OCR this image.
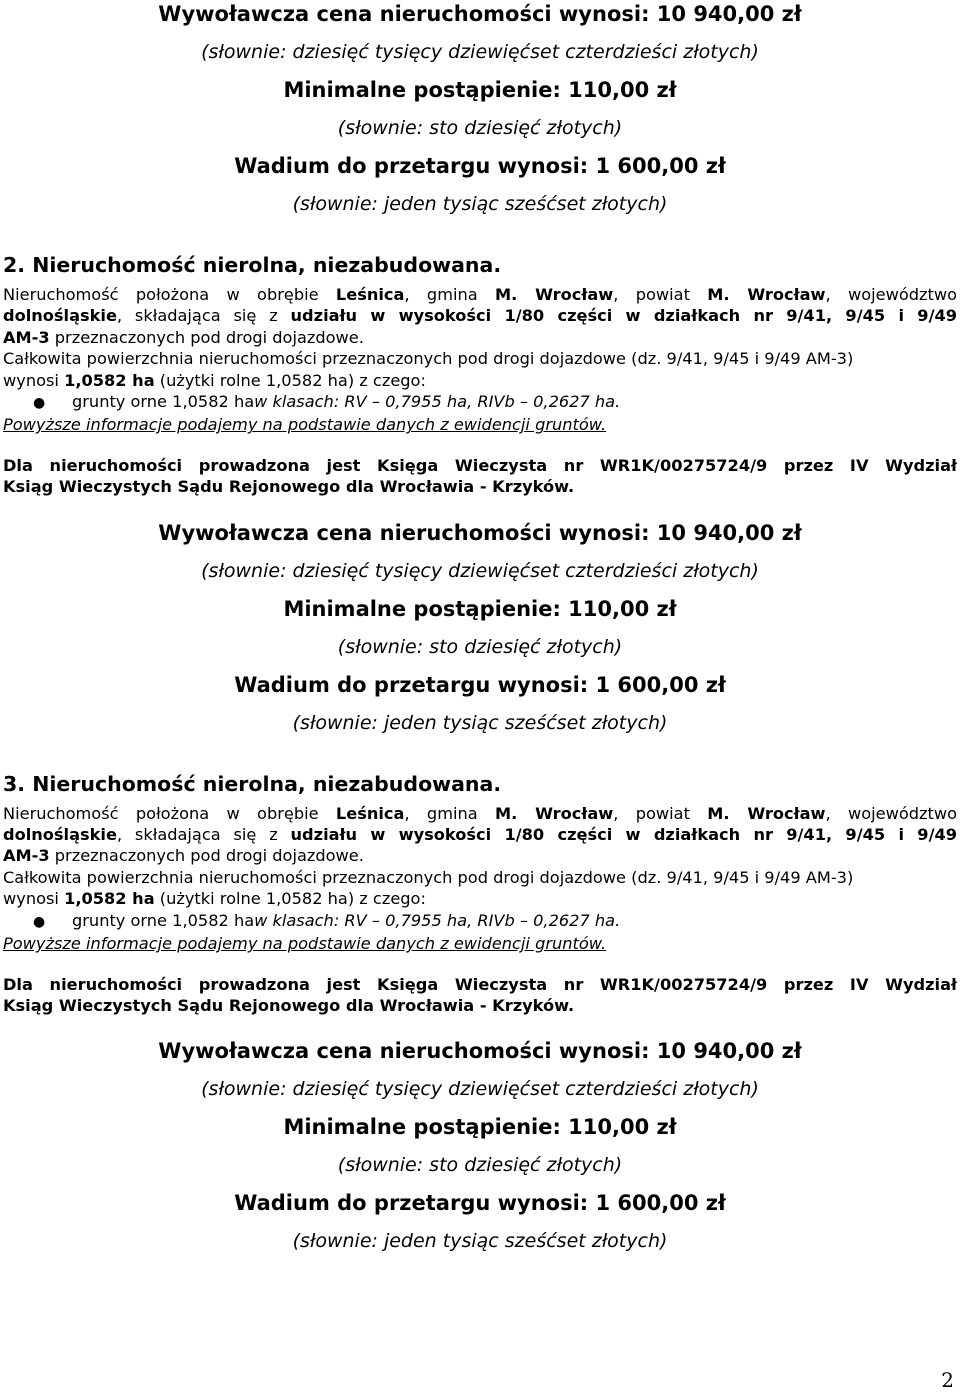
Wywoławcza cena nieruchomości wynosi: 10 940,00 zł
(słownie: dziesięć tysięcy dziewięćset czterdzieści złotych)
Minimalne postąpienie: 110,00 zł
(słownie: sto dziesięć złotych)
Wadium do przetargu wynosi: 1 600,00 zł
(słownie: jeden tysiąc sześćset złotych)
2. Nieruchomość nierolna, niezabudowana.
Nieruchomość położona w obrębie Leśnica, gmina M. Wrocław, powiat M. Wrocław, województwo
dolnośląskie, składająca się z udziału w wysokości 1/80 części w działkach nr 9/41, 9/45 i 9/49
AM-3 przeznaczonych pod drogi dojazdowe.
Całkowita powierzchnia nieruchomości przeznaczonych pod drogi dojazdowe (dz. 9/41, 9/45 i 9/49 AM-3)
wynosi 1,0582 ha (użytki rolne 1,0582 ha) z czego:
●	grunty orne 1,0582 ha w klasach: RV – 0,7955 ha, RIVb – 0,2627 ha.
Powyższe informacje podajemy na podstawie danych z ewidencji gruntów.
Dla nieruchomości prowadzona jest Księga Wieczysta nr WR1K/00275724/9 przez IV Wydział
Ksiąg Wieczystych Sądu Rejonowego dla Wrocławia - Krzyków.
Wywoławcza cena nieruchomości wynosi: 10 940,00 zł
(słownie: dziesięć tysięcy dziewięćset czterdzieści złotych)
Minimalne postąpienie: 110,00 zł
(słownie: sto dziesięć złotych)
Wadium do przetargu wynosi: 1 600,00 zł
(słownie: jeden tysiąc sześćset złotych)
3. Nieruchomość nierolna, niezabudowana.
Nieruchomość położona w obrębie Leśnica, gmina M. Wrocław, powiat M. Wrocław, województwo
dolnośląskie, składająca się z udziału w wysokości 1/80 części w działkach nr 9/41, 9/45 i 9/49
AM-3 przeznaczonych pod drogi dojazdowe.
Całkowita powierzchnia nieruchomości przeznaczonych pod drogi dojazdowe (dz. 9/41, 9/45 i 9/49 AM-3)
wynosi 1,0582 ha (użytki rolne 1,0582 ha) z czego:
●	grunty orne 1,0582 ha w klasach: RV – 0,7955 ha, RIVb – 0,2627 ha.
Powyższe informacje podajemy na podstawie danych z ewidencji gruntów.
Dla nieruchomości prowadzona jest Księga Wieczysta nr WR1K/00275724/9 przez IV Wydział
Ksiąg Wieczystych Sądu Rejonowego dla Wrocławia - Krzyków.
Wywoławcza cena nieruchomości wynosi: 10 940,00 zł
(słownie: dziesięć tysięcy dziewięćset czterdzieści złotych)
Minimalne postąpienie: 110,00 zł
(słownie: sto dziesięć złotych)
Wadium do przetargu wynosi: 1 600,00 zł
(słownie: jeden tysiąc sześćset złotych)
2
